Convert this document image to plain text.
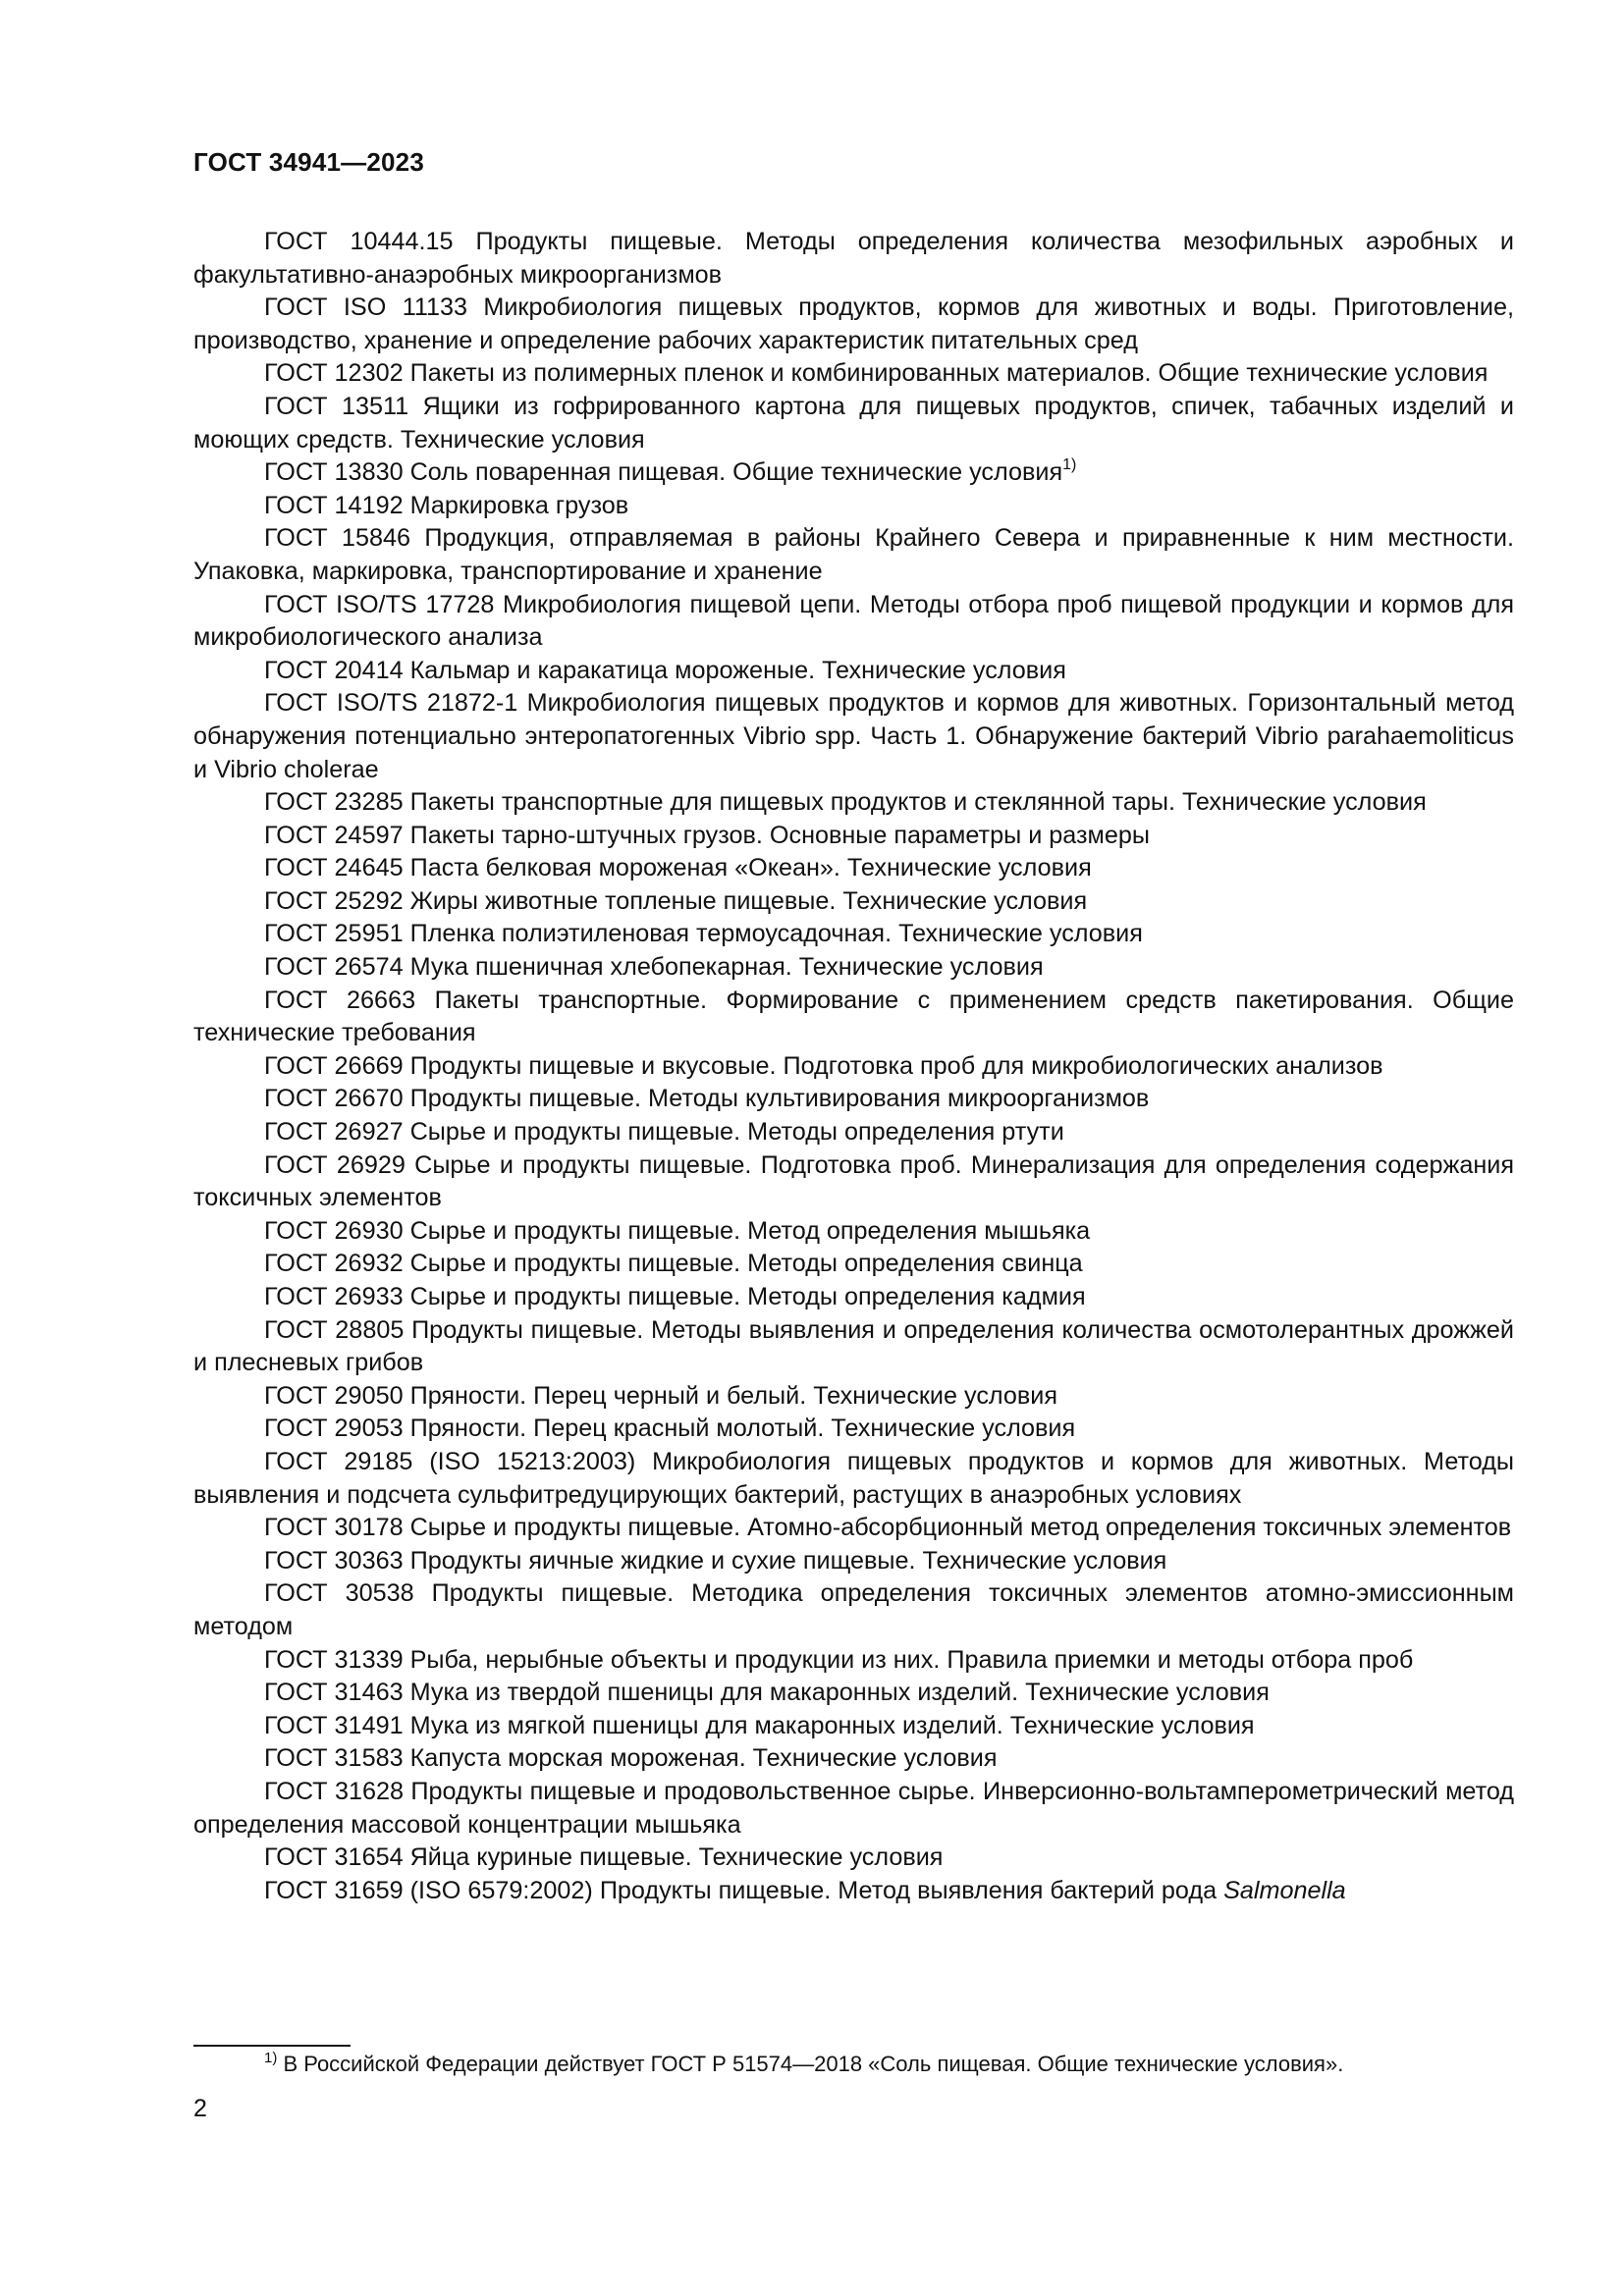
ГОСТ 34941—2023

ГОСТ 10444.15 Продукты пищевые. Методы определения количества мезофильных аэробных и факультативно-анаэробных микроорганизмов

ГОСТ ISO 11133 Микробиология пищевых продуктов, кормов для животных и воды. Приготовление, производство, хранение и определение рабочих характеристик питательных сред

ГОСТ 12302 Пакеты из полимерных пленок и комбинированных материалов. Общие технические условия

ГОСТ 13511 Ящики из гофрированного картона для пищевых продуктов, спичек, табачных изделий и моющих средств. Технические условия

ГОСТ 13830 Соль поваренная пищевая. Общие технические условия$^{1)}$

ГОСТ 14192 Маркировка грузов

ГОСТ 15846 Продукция, отправляемая в районы Крайнего Севера и приравненные к ним местности. Упаковка, маркировка, транспортирование и хранение

ГОСТ ISO/TS 17728 Микробиология пищевой цепи. Методы отбора проб пищевой продукции и кормов для микробиологического анализа

ГОСТ 20414 Кальмар и каракатица мороженые. Технические условия

ГОСТ ISO/TS 21872-1 Микробиология пищевых продуктов и кормов для животных. Горизонтальный метод обнаружения потенциально энтеропатогенных Vibrio spp. Часть 1. Обнаружение бактерий Vibrio parahaemoliticus и Vibrio cholerae

ГОСТ 23285 Пакеты транспортные для пищевых продуктов и стеклянной тары. Технические условия

ГОСТ 24597 Пакеты тарно-штучных грузов. Основные параметры и размеры

ГОСТ 24645 Паста белковая мороженая «Океан». Технические условия

ГОСТ 25292 Жиры животные топленые пищевые. Технические условия

ГОСТ 25951 Пленка полиэтиленовая термоусадочная. Технические условия

ГОСТ 26574 Мука пшеничная хлебопекарная. Технические условия

ГОСТ 26663 Пакеты транспортные. Формирование с применением средств пакетирования. Общие технические требования

ГОСТ 26669 Продукты пищевые и вкусовые. Подготовка проб для микробиологических анализов

ГОСТ 26670 Продукты пищевые. Методы культивирования микроорганизмов

ГОСТ 26927 Сырье и продукты пищевые. Методы определения ртути

ГОСТ 26929 Сырье и продукты пищевые. Подготовка проб. Минерализация для определения содержания токсичных элементов

ГОСТ 26930 Сырье и продукты пищевые. Метод определения мышьяка

ГОСТ 26932 Сырье и продукты пищевые. Методы определения свинца

ГОСТ 26933 Сырье и продукты пищевые. Методы определения кадмия

ГОСТ 28805 Продукты пищевые. Методы выявления и определения количества осмотолерантных дрожжей и плесневых грибов

ГОСТ 29050 Пряности. Перец черный и белый. Технические условия

ГОСТ 29053 Пряности. Перец красный молотый. Технические условия

ГОСТ 29185 (ISO 15213:2003) Микробиология пищевых продуктов и кормов для животных. Методы выявления и подсчета сульфитредуцирующих бактерий, растущих в анаэробных условиях

ГОСТ 30178 Сырье и продукты пищевые. Атомно-абсорбционный метод определения токсичных элементов

ГОСТ 30363 Продукты яичные жидкие и сухие пищевые. Технические условия

ГОСТ 30538 Продукты пищевые. Методика определения токсичных элементов атомно-эмиссионным методом

ГОСТ 31339 Рыба, нерыбные объекты и продукции из них. Правила приемки и методы отбора проб

ГОСТ 31463 Мука из твердой пшеницы для макаронных изделий. Технические условия

ГОСТ 31491 Мука из мягкой пшеницы для макаронных изделий. Технические условия

ГОСТ 31583 Капуста морская мороженая. Технические условия

ГОСТ 31628 Продукты пищевые и продовольственное сырье. Инверсионно-вольтамперометрический метод определения массовой концентрации мышьяка

ГОСТ 31654 Яйца куриные пищевые. Технические условия

ГОСТ 31659 (ISO 6579:2002) Продукты пищевые. Метод выявления бактерий рода Salmonella

$^{1)}$ В Российской Федерации действует ГОСТ Р 51574—2018 «Соль пищевая. Общие технические условия».
2
